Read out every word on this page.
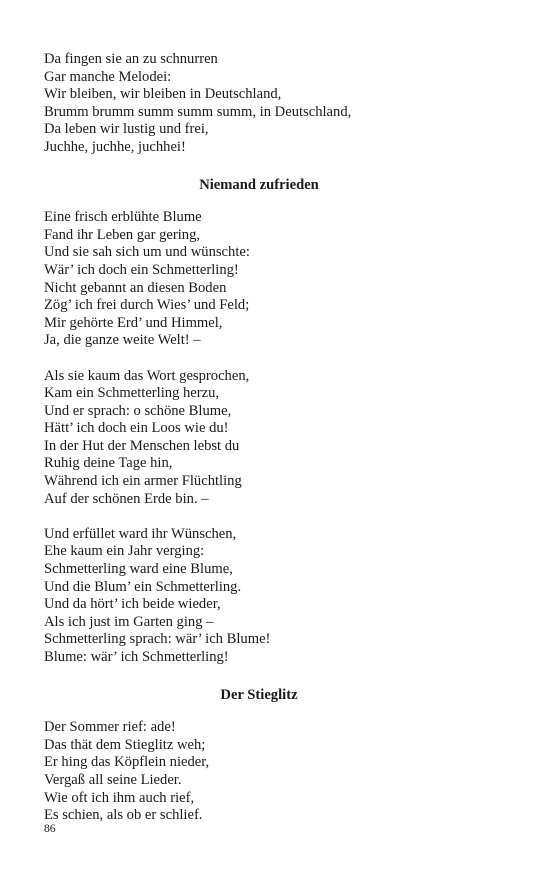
Da fingen sie an zu schnurren
Gar manche Melodei:
Wir bleiben, wir bleiben in Deutschland,
Brumm brumm summ summ summ, in Deutschland,
Da leben wir lustig und frei,
Juchhe, juchhe, juchhei!
Niemand zufrieden
Eine frisch erblühte Blume
Fand ihr Leben gar gering,
Und sie sah sich um und wünschte:
Wär’ ich doch ein Schmetterling!
Nicht gebannt an diesen Boden
Zög’ ich frei durch Wies’ und Feld;
Mir gehörte Erd’ und Himmel,
Ja, die ganze weite Welt! –
Als sie kaum das Wort gesprochen,
Kam ein Schmetterling herzu,
Und er sprach: o schöne Blume,
Hätt’ ich doch ein Loos wie du!
In der Hut der Menschen lebst du
Ruhig deine Tage hin,
Während ich ein armer Flüchtling
Auf der schönen Erde bin. –
Und erfüllet ward ihr Wünschen,
Ehe kaum ein Jahr verging:
Schmetterling ward eine Blume,
Und die Blum’ ein Schmetterling.
Und da hört’ ich beide wieder,
Als ich just im Garten ging –
Schmetterling sprach: wär’ ich Blume!
Blume: wär’ ich Schmetterling!
Der Stieglitz
Der Sommer rief: ade!
Das thät dem Stieglitz weh;
Er hing das Köpflein nieder,
Vergaß all seine Lieder.
Wie oft ich ihm auch rief,
Es schien, als ob er schlief.
86
